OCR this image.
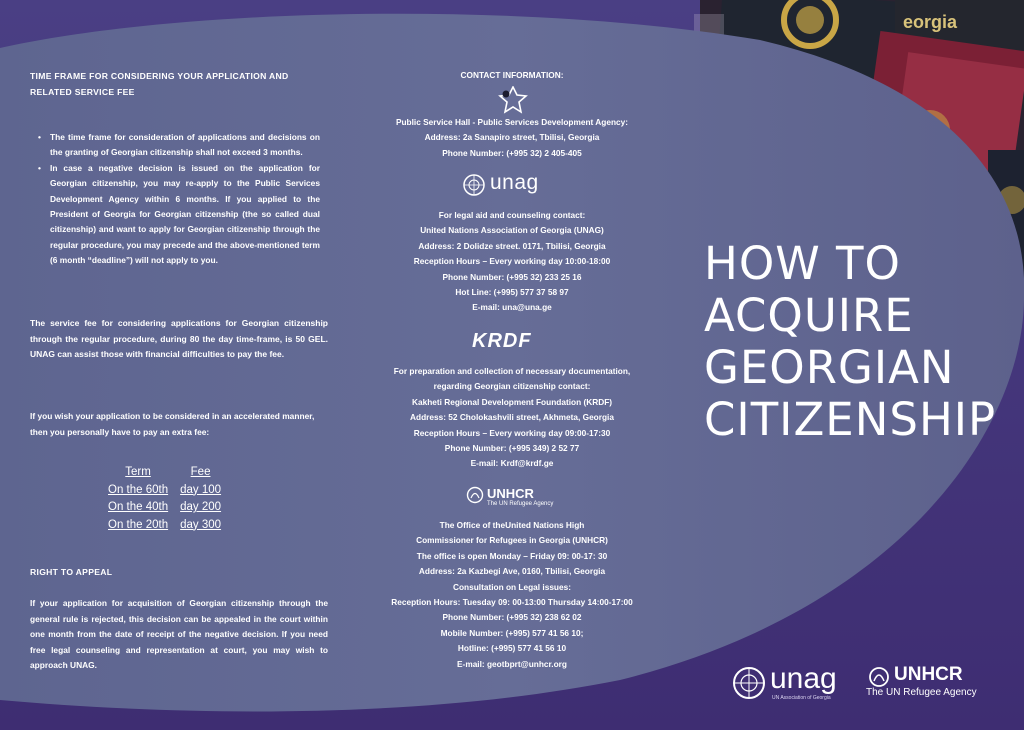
eorgia
TIME FRAME FOR CONSIDERING YOUR APPLICATION AND RELATED SERVICE FEE
• The time frame for consideration of applications and decisions on the granting of Georgian citizenship shall not exceed 3 months.
• In case a negative decision is issued on the application for Georgian citizenship, you may re-apply to the Public Services Development Agency within 6 months. If you applied to the President of Georgia for Georgian citizenship (the so called dual citizenship) and want to apply for Georgian citizenship through the regular procedure, you may precede and the above-mentioned term (6 month “deadline”) will not apply to you.
The service fee for considering applications for Georgian citizenship through the regular procedure, during 80 the day time-frame, is 50 GEL. UNAG can assist those with financial difficulties to pay the fee.
If you wish your application to be considered in an accelerated manner, then you personally have to pay an extra fee:
Term	Fee
On the 60th	day 100
On the 40th	day 200
On the 20th	day 300
RIGHT TO APPEAL
If your application for acquisition of Georgian citizenship through the general rule is rejected, this decision can be appealed in the court within one month from the date of receipt of the negative decision. If you need free legal counseling and representation at court, you may wish to approach UNAG.
CONTACT INFORMATION:
Public Service Hall - Public Services Development Agency:
Address: 2a Sanapiro street, Tbilisi, Georgia
Phone Number: (+995 32) 2 405-405
unag
For legal aid and counseling contact:
United Nations Association of Georgia (UNAG)
Address: 2 Dolidze street. 0171, Tbilisi, Georgia
Reception Hours – Every working day 10:00-18:00
Phone Number: (+995 32) 233 25 16
Hot Line: (+995) 577 37 58 97
E-mail: una@una.ge
KRDF
For preparation and collection of necessary documentation,
regarding Georgian citizenship contact:
Kakheti Regional Development Foundation (KRDF)
Address: 52 Cholokashvili street, Akhmeta, Georgia
Reception Hours – Every working day 09:00-17:30
Phone Number: (+995 349) 2 52 77
E-mail: Krdf@krdf.ge
UNHCR
The UN Refugee Agency
The Office of theUnited Nations High
Commissioner for Refugees in Georgia (UNHCR)
The office is open Monday – Friday 09: 00-17: 30
Address: 2a Kazbegi Ave, 0160, Tbilisi, Georgia
Consultation on Legal issues:
Reception Hours: Tuesday 09: 00-13:00 Thursday 14:00-17:00
Phone Number: (+995 32) 238 62 02
Mobile Number: (+995) 577 41 56 10;
Hotline: (+995) 577 41 56 10
E-mail: geotbprt@unhcr.org
HOW TO
ACQUIRE
GEORGIAN
CITIZENSHIP
unag
UN Association of Georgia
UNHCR
The UN Refugee Agency
